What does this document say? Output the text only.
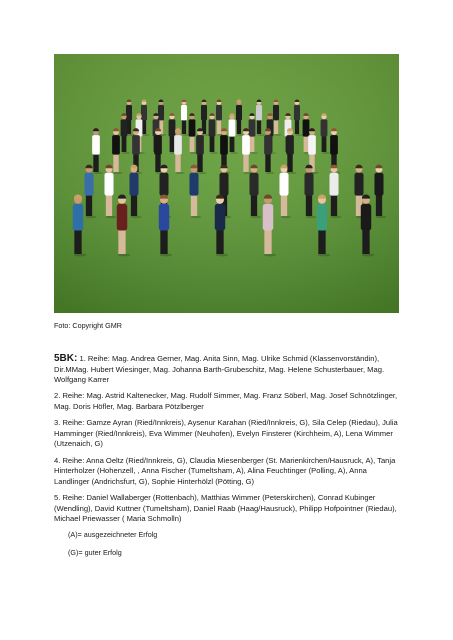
Foto: Copyright GMR

5BK: 1. Reihe: Mag. Andrea Gerner, Mag. Anita Sinn, Mag. Ulrike Schmid (Klassenvorständin), Dir.MMag. Hubert Wiesinger, Mag. Johanna Barth-Grubeschitz, Mag. Helene Schusterbauer, Mag. Wolfgang Karrer

2. Reihe: Mag. Astrid Kaltenecker, Mag. Rudolf Simmer, Mag. Franz Söberl, Mag. Josef Schnötzlinger, Mag. Doris Höfler, Mag. Barbara Pötzlberger

3. Reihe: Gamze Ayran (Ried/Innkreis), Aysenur Karahan (Ried/Innkreis, G), Sila Celep (Riedau), Julia Hamminger (Ried/Innkreis), Eva Wimmer (Neuhofen), Evelyn Finsterer (Kirchheim, A), Lena Wimmer (Utzenaich, G)

4. Reihe: Anna Oeltz (Ried/Innkreis, G), Claudia Miesenberger (St. Marienkirchen/Hausruck, A), Tanja Hinterholzer (Hohenzell, , Anna Fischer (Tumeltsham, A), Alina Feuchtinger (Polling, A), Anna Landlinger (Andrichsfurt, G), Sophie Hinterhölzl (Pötting, G)

5. Reihe: Daniel Wallaberger (Rottenbach), Matthias Wimmer (Peterskirchen), Conrad Kubinger (Wendling), David Kuttner (Tumeltsham), Daniel Raab (Haag/Hausruck), Philipp Hofpointner (Riedau), Michael Priewasser ( Maria Schmolln)

(A)= ausgezeichneter Erfolg

(G)= guter Erfolg
